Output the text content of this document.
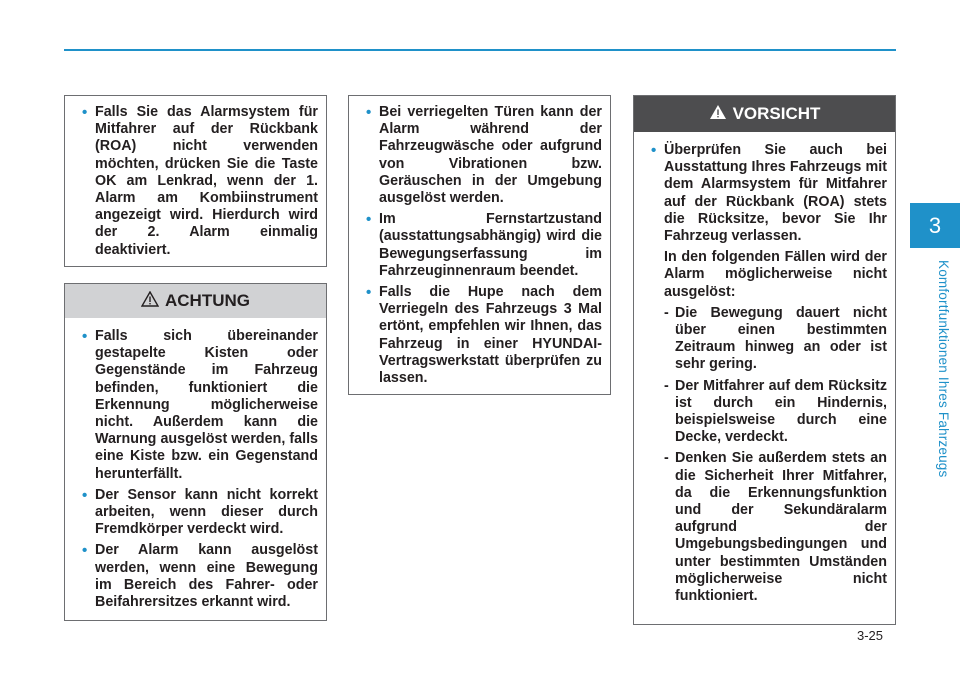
3
Komfortfunktionen Ihres Fahrzeugs
• Falls Sie das Alarmsystem für Mitfahrer auf der Rückbank (ROA) nicht verwenden möchten, drücken Sie die Taste OK am Lenkrad, wenn der 1. Alarm am Kombiinstrument angezeigt wird. Hierdurch wird der 2. Alarm einmalig deaktiviert.
ACHTUNG
• Falls sich übereinander gestapelte Kisten oder Gegenstände im Fahrzeug befinden, funktioniert die Erkennung möglicherweise nicht. Außerdem kann die Warnung ausgelöst werden, falls eine Kiste bzw. ein Gegenstand herunterfällt.
• Der Sensor kann nicht korrekt arbeiten, wenn dieser durch Fremdkörper verdeckt wird.
• Der Alarm kann ausgelöst werden, wenn eine Bewegung im Bereich des Fahrer- oder Beifahrersitzes erkannt wird.
• Bei verriegelten Türen kann der Alarm während der Fahrzeugwäsche oder aufgrund von Vibrationen bzw. Geräuschen in der Umgebung ausgelöst werden.
• Im Fernstartzustand (ausstattungsabhängig) wird die Bewegungserfassung im Fahrzeuginnenraum beendet.
• Falls die Hupe nach dem Verriegeln des Fahrzeugs 3 Mal ertönt, empfehlen wir Ihnen, das Fahrzeug in einer HYUNDAI-Vertragswerkstatt überprüfen zu lassen.
VORSICHT
• Überprüfen Sie auch bei Ausstattung Ihres Fahrzeugs mit dem Alarmsystem für Mitfahrer auf der Rückbank (ROA) stets die Rücksitze, bevor Sie Ihr Fahrzeug verlassen.
In den folgenden Fällen wird der Alarm möglicherweise nicht ausgelöst:
- Die Bewegung dauert nicht über einen bestimmten Zeitraum hinweg an oder ist sehr gering.
- Der Mitfahrer auf dem Rücksitz ist durch ein Hindernis, beispielsweise durch eine Decke, verdeckt.
- Denken Sie außerdem stets an die Sicherheit Ihrer Mitfahrer, da die Erkennungsfunktion und der Sekundäralarm aufgrund der Umgebungsbedingungen und unter bestimmten Umständen möglicherweise nicht funktioniert.
3-25
